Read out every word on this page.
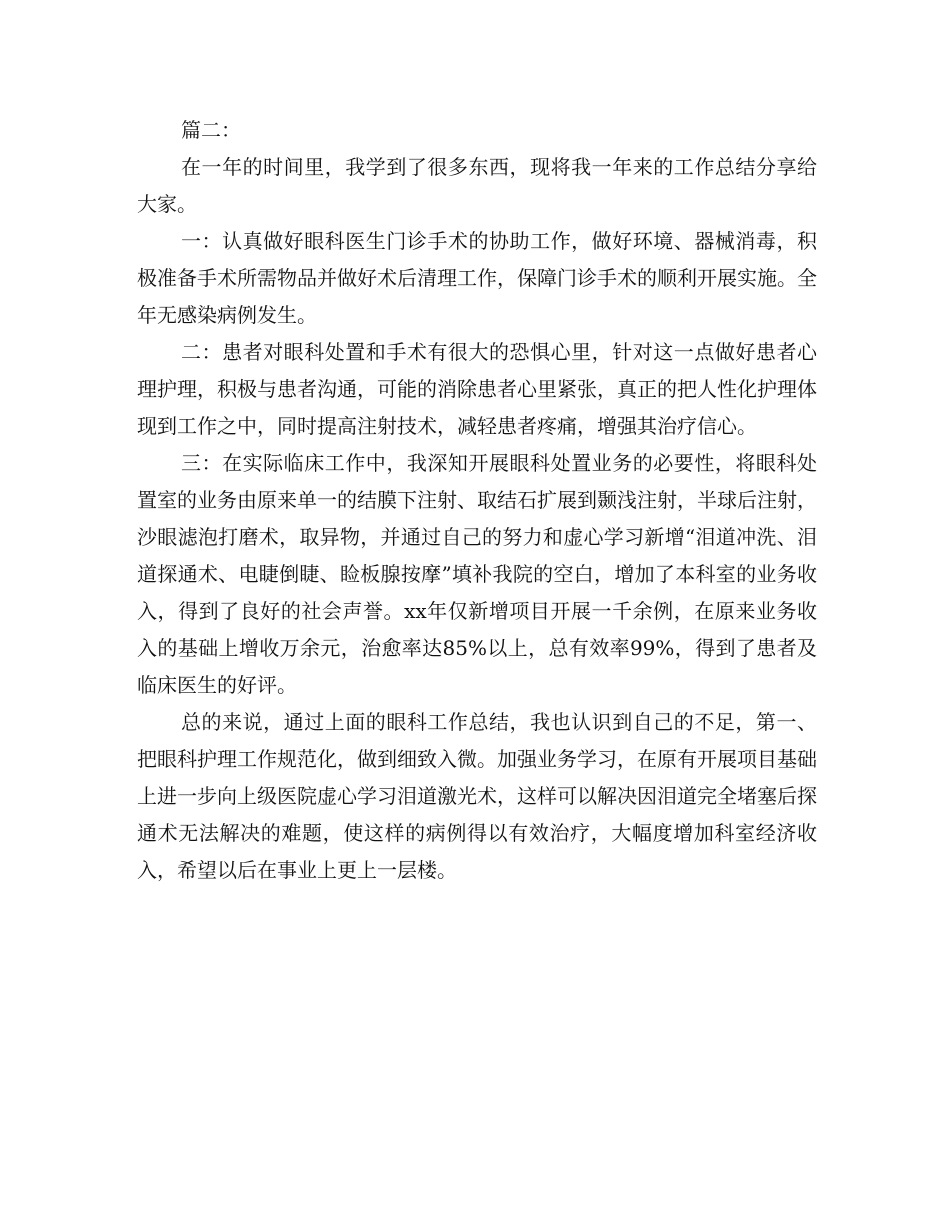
篇二：

在一年的时间里，我学到了很多东西，现将我一年来的工作总结分享给大家。

一：认真做好眼科医生门诊手术的协助工作，做好环境、器械消毒，积极准备手术所需物品并做好术后清理工作，保障门诊手术的顺利开展实施。全年无感染病例发生。

二：患者对眼科处置和手术有很大的恐惧心里，针对这一点做好患者心理护理，积极与患者沟通，可能的消除患者心里紧张，真正的把人性化护理体现到工作之中，同时提高注射技术，减轻患者疼痛，增强其治疗信心。

三：在实际临床工作中，我深知开展眼科处置业务的必要性，将眼科处置室的业务由原来单一的结膜下注射、取结石扩展到颞浅注射，半球后注射，沙眼滤泡打磨术，取异物，并通过自己的努力和虚心学习新增“泪道冲洗、泪道探通术、电睫倒睫、睑板腺按摩”填补我院的空白，增加了本科室的业务收入，得到了良好的社会声誉。xx年仅新增项目开展一千余例，在原来业务收入的基础上增收万余元，治愈率达85%以上，总有效率99%，得到了患者及临床医生的好评。

总的来说，通过上面的眼科工作总结，我也认识到自己的不足，第一、把眼科护理工作规范化，做到细致入微。加强业务学习，在原有开展项目基础上进一步向上级医院虚心学习泪道激光术，这样可以解决因泪道完全堵塞后探通术无法解决的难题，使这样的病例得以有效治疗，大幅度增加科室经济收入，希望以后在事业上更上一层楼。
